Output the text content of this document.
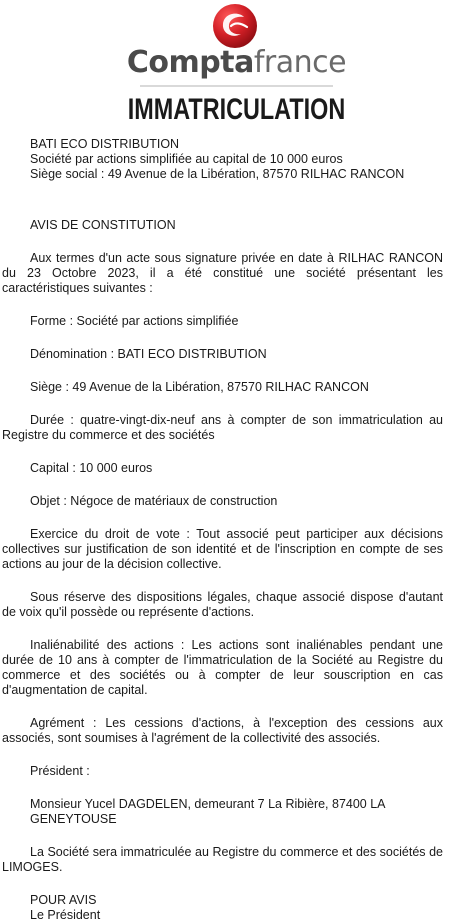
Comptafrance
IMMATRICULATION

BATI ECO DISTRIBUTION

Société par actions simplifiée au capital de 10 000 euros

Siège social : 49 Avenue de la Libération, 87570 RILHAC RANCON

AVIS DE CONSTITUTION

Aux termes d'un acte sous signature privée en date à RILHAC RANCON du 23 Octobre 2023, il a été constitué une société présentant les caractéristiques suivantes :

Forme : Société par actions simplifiée

Dénomination : BATI ECO DISTRIBUTION

Siège : 49 Avenue de la Libération, 87570 RILHAC RANCON

Durée : quatre-vingt-dix-neuf ans à compter de son immatriculation au Registre du commerce et des sociétés

Capital : 10 000 euros

Objet : Négoce de matériaux de construction

Exercice du droit de vote : Tout associé peut participer aux décisions collectives sur justification de son identité et de l'inscription en compte de ses actions au jour de la décision collective.

Sous réserve des dispositions légales, chaque associé dispose d'autant de voix qu'il possède ou représente d'actions.

Inaliénabilité des actions : Les actions sont inaliénables pendant une durée de 10 ans à compter de l'immatriculation de la Société au Registre du commerce et des sociétés ou à compter de leur souscription en cas d'augmentation de capital.

Agrément : Les cessions d'actions, à l'exception des cessions aux associés, sont soumises à l'agrément de la collectivité des associés.

Président :

Monsieur Yucel DAGDELEN, demeurant 7 La Ribière, 87400 LA GENEYTOUSE

La Société sera immatriculée au Registre du commerce et des sociétés de LIMOGES.

POUR AVIS

Le Président
